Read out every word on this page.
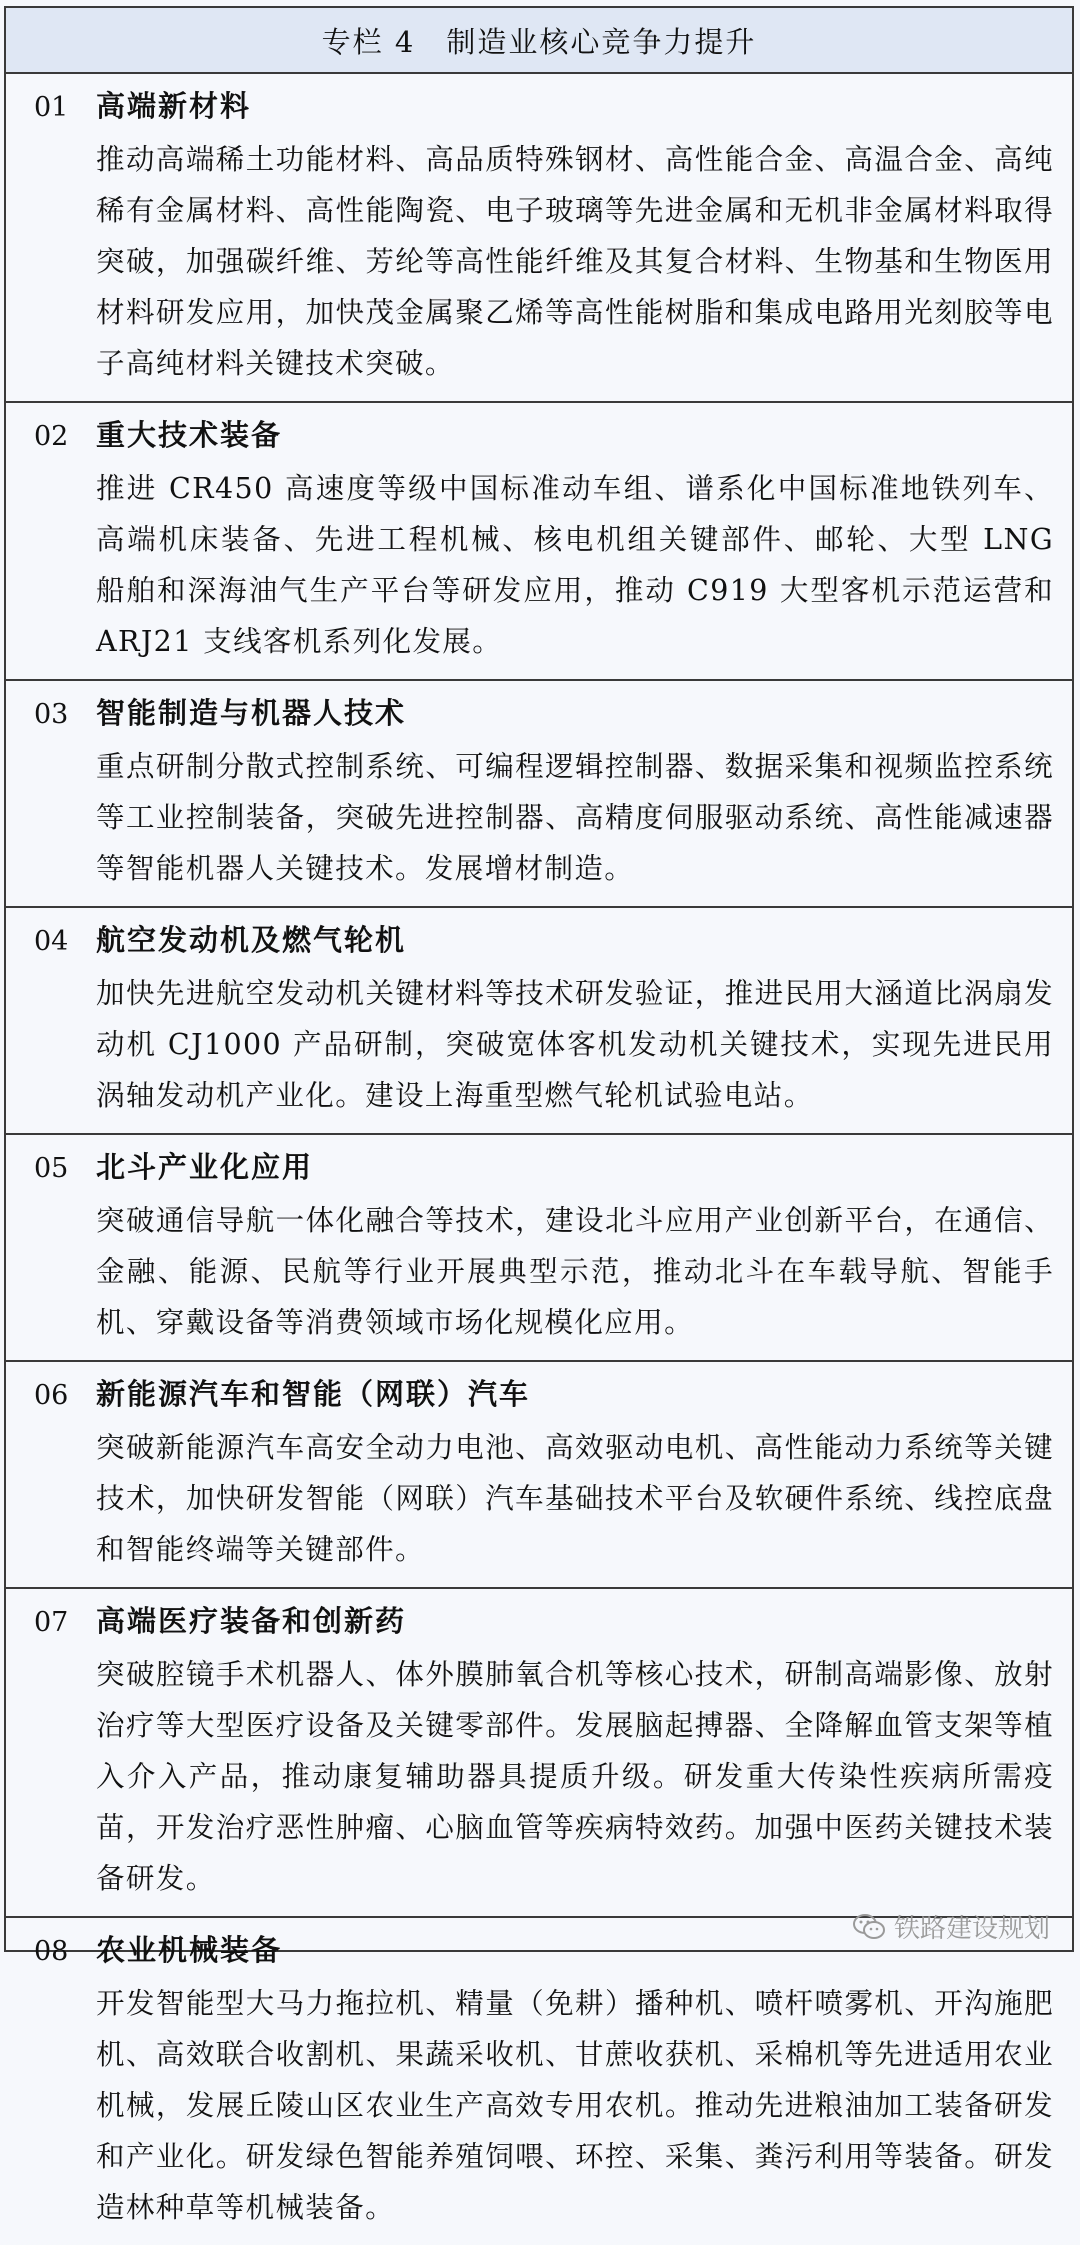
专栏 4　制造业核心竞争力提升
01 高端新材料
推动高端稀土功能材料、高品质特殊钢材、高性能合金、高温合金、高纯稀有金属材料、高性能陶瓷、电子玻璃等先进金属和无机非金属材料取得突破，加强碳纤维、芳纶等高性能纤维及其复合材料、生物基和生物医用材料研发应用，加快茂金属聚乙烯等高性能树脂和集成电路用光刻胶等电子高纯材料关键技术突破。
02 重大技术装备
推进 CR450 高速度等级中国标准动车组、谱系化中国标准地铁列车、高端机床装备、先进工程机械、核电机组关键部件、邮轮、大型 LNG 船舶和深海油气生产平台等研发应用，推动 C919 大型客机示范运营和 ARJ21 支线客机系列化发展。
03 智能制造与机器人技术
重点研制分散式控制系统、可编程逻辑控制器、数据采集和视频监控系统等工业控制装备，突破先进控制器、高精度伺服驱动系统、高性能减速器等智能机器人关键技术。发展增材制造。
04 航空发动机及燃气轮机
加快先进航空发动机关键材料等技术研发验证，推进民用大涵道比涡扇发动机 CJ1000 产品研制，突破宽体客机发动机关键技术，实现先进民用涡轴发动机产业化。建设上海重型燃气轮机试验电站。
05 北斗产业化应用
突破通信导航一体化融合等技术，建设北斗应用产业创新平台，在通信、金融、能源、民航等行业开展典型示范，推动北斗在车载导航、智能手机、穿戴设备等消费领域市场化规模化应用。
06 新能源汽车和智能（网联）汽车
突破新能源汽车高安全动力电池、高效驱动电机、高性能动力系统等关键技术，加快研发智能（网联）汽车基础技术平台及软硬件系统、线控底盘和智能终端等关键部件。
07 高端医疗装备和创新药
突破腔镜手术机器人、体外膜肺氧合机等核心技术，研制高端影像、放射治疗等大型医疗设备及关键零部件。发展脑起搏器、全降解血管支架等植入介入产品，推动康复辅助器具提质升级。研发重大传染性疾病所需疫苗，开发治疗恶性肿瘤、心脑血管等疾病特效药。加强中医药关键技术装备研发。
08 农业机械装备
开发智能型大马力拖拉机、精量（免耕）播种机、喷杆喷雾机、开沟施肥机、高效联合收割机、果蔬采收机、甘蔗收获机、采棉机等先进适用农业机械，发展丘陵山区农业生产高效专用农机。推动先进粮油加工装备研发和产业化。研发绿色智能养殖饲喂、环控、采集、粪污利用等装备。研发造林种草等机械装备。
铁路建设规划
